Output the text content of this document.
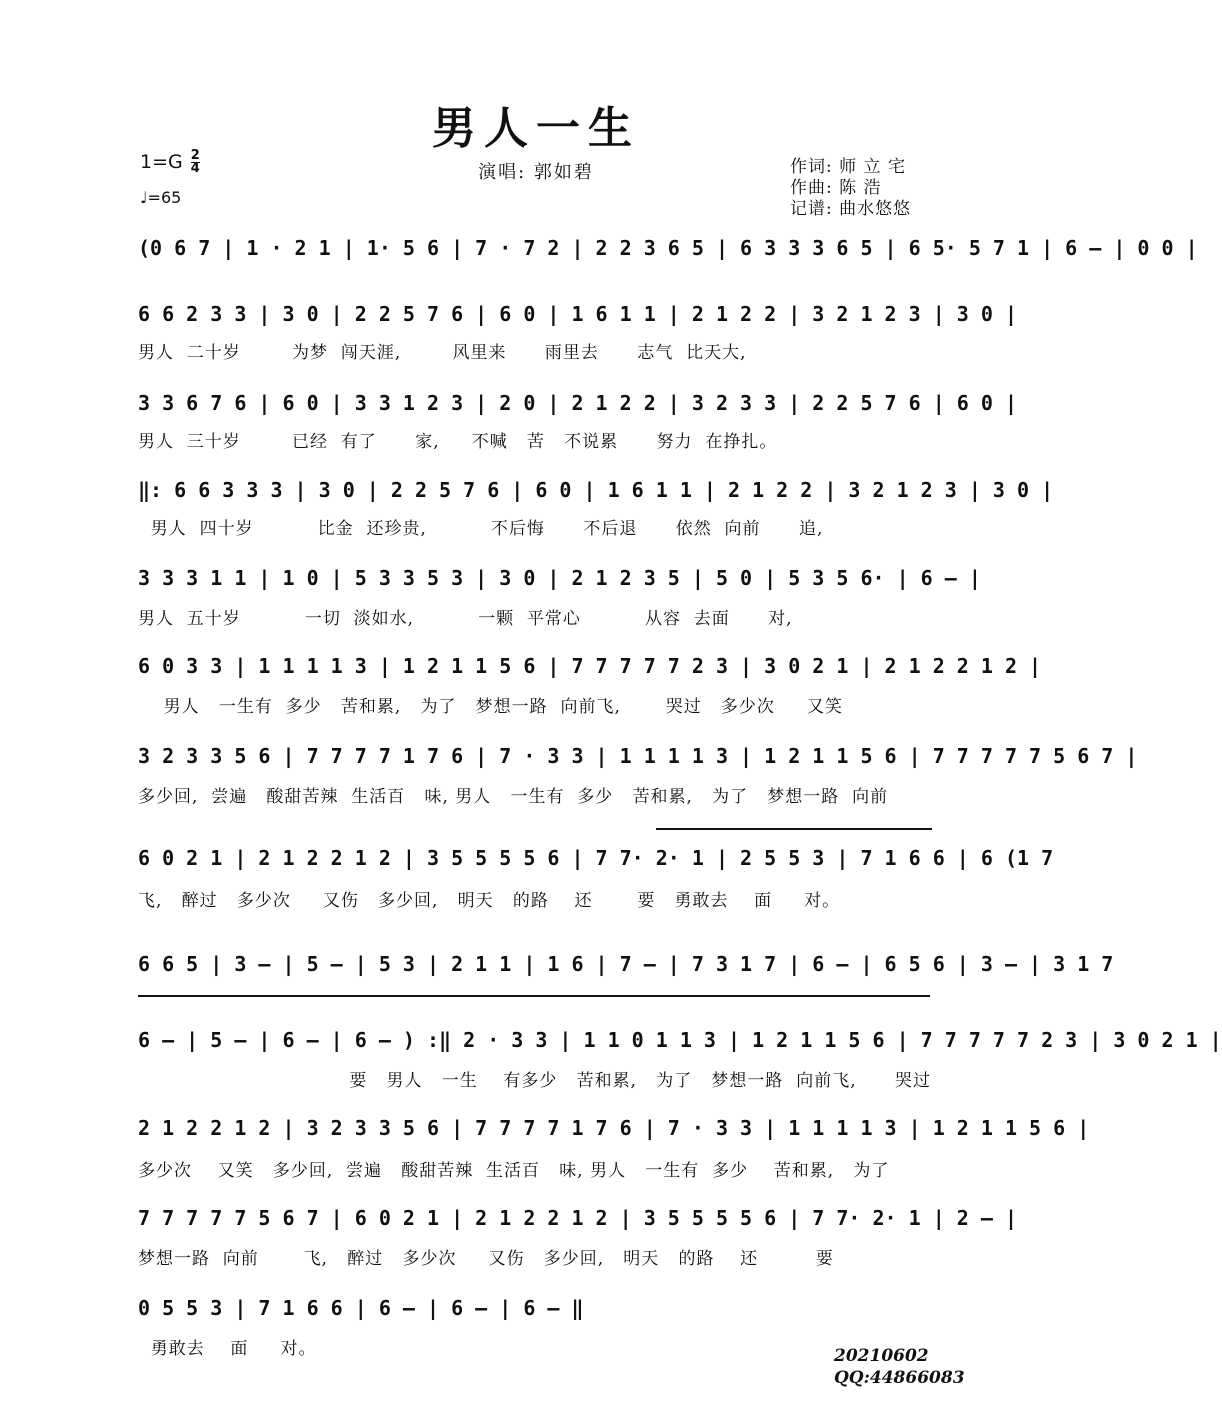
男人一生
$1=G \frac{2}{4}$
♩=65
演唱: 郭如碧	作词: 师 立 宅
作曲: 陈 浩
记谱: 曲水悠悠
(0 6 7 | 1 · 2 1 | 1· 5 6 | 7 · 7 2 | 2 2 3 6 5 | 6 3 3 3 6 5 | 6 5· 5 7 1 | 6 – | 0 0 |
6 6 2 3 3 | 3 0 | 2 2 5 7 6 | 6 0 | 1 6 1 1 | 2 1 2 2 | 3 2 1 2 3 | 3 0 |
男人  二十岁        为梦  闯天涯,        风里来      雨里去      志气  比天大,
3 3 6 7 6 | 6 0 | 3 3 1 2 3 | 2 0 | 2 1 2 2 | 3 2 3 3 | 2 2 5 7 6 | 6 0 |
男人  三十岁        已经  有了      家,     不喊   苦   不说累      努力  在挣扎。
‖: 6 6 3 3 3 | 3 0 | 2 2 5 7 6 | 6 0 | 1 6 1 1 | 2 1 2 2 | 3 2 1 2 3 | 3 0 |
男人  四十岁          比金  还珍贵,          不后悔      不后退      依然  向前      追,
3 3 3 1 1 | 1 0 | 5 3 3 5 3 | 3 0 | 2 1 2 3 5 | 5 0 | 5 3 5 6· | 6 – |
男人  五十岁          一切  淡如水,          一颗  平常心          从容  去面      对,
6 0 3 3 | 1 1 1 1 3 | 1 2 1 1 5 6 | 7 7 7 7 7 2 3 | 3 0 2 1 | 2 1 2 2 1 2 |
男人   一生有  多少   苦和累,   为了   梦想一路  向前飞,       哭过   多少次     又笑
3 2 3 3 5 6 | 7 7 7 7 1 7 6 | 7 · 3 3 | 1 1 1 1 3 | 1 2 1 1 5 6 | 7 7 7 7 7 5 6 7 |
多少回,  尝遍   酸甜苦辣  生活百   味, 男人   一生有  多少   苦和累,   为了   梦想一路  向前
6 0 2 1 | 2 1 2 2 1 2 | 3 5 5 5 5 6 | 7 7· 2· 1 | 2 5 5 3 | 7 1 6 6 | 6 (1 7
飞,   醉过   多少次     又伤   多少回,   明天   的路    还       要   勇敢去    面     对。
6 6 5 | 3 – | 5 – | 5 3 | 2 1 1 | 1 6 | 7 – | 7 3 1 7 | 6 – | 6 5 6 | 3 – | 3 1 7
6 – | 5 – | 6 – | 6 – ) :‖ 2 · 3 3 | 1 1 0 1 1 3 | 1 2 1 1 5 6 | 7 7 7 7 7 2 3 | 3 0 2 1 |
要   男人   一生    有多少   苦和累,   为了   梦想一路  向前飞,      哭过
2 1 2 2 1 2 | 3 2 3 3 5 6 | 7 7 7 7 1 7 6 | 7 · 3 3 | 1 1 1 1 3 | 1 2 1 1 5 6 |
多少次    又笑   多少回,  尝遍   酸甜苦辣  生活百   味, 男人   一生有  多少    苦和累,   为了
7 7 7 7 7 5 6 7 | 6 0 2 1 | 2 1 2 2 1 2 | 3 5 5 5 5 6 | 7 7· 2· 1 | 2 – |
梦想一路  向前       飞,   醉过   多少次     又伤   多少回,   明天   的路    还         要
0 5 5 3 | 7 1 6 6 | 6 – | 6 – | 6 – ‖
勇敢去    面     对。	20210602
QQ:44866083
